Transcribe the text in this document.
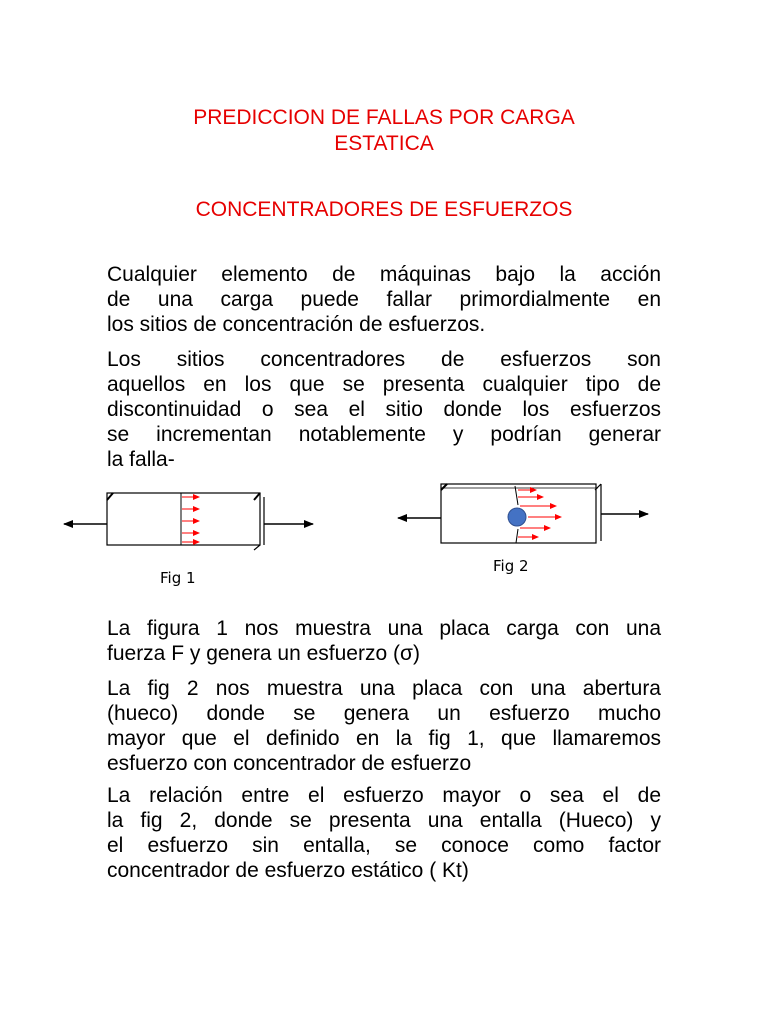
PREDICCION DE FALLAS POR CARGA
ESTATICA
CONCENTRADORES DE ESFUERZOS

Cualquier elemento de máquinas bajo la acción
de una carga puede fallar primordialmente en
los sitios de concentración de esfuerzos.

Los sitios concentradores de esfuerzos son
aquellos en los que se presenta cualquier tipo de
discontinuidad o sea el sitio donde los esfuerzos
se incrementan notablemente y podrían generar
la falla-

Fig 1
Fig 2

La figura 1 nos muestra una placa carga con una
fuerza F y genera un esfuerzo (σ)

La fig 2 nos muestra una placa con una abertura
(hueco) donde se genera un esfuerzo mucho
mayor que el definido en la fig 1, que llamaremos
esfuerzo con concentrador de esfuerzo

La relación entre el esfuerzo mayor o sea el de
la fig 2, donde se presenta una entalla (Hueco) y
el esfuerzo sin entalla, se conoce como factor
concentrador de esfuerzo estático ( Kt)
